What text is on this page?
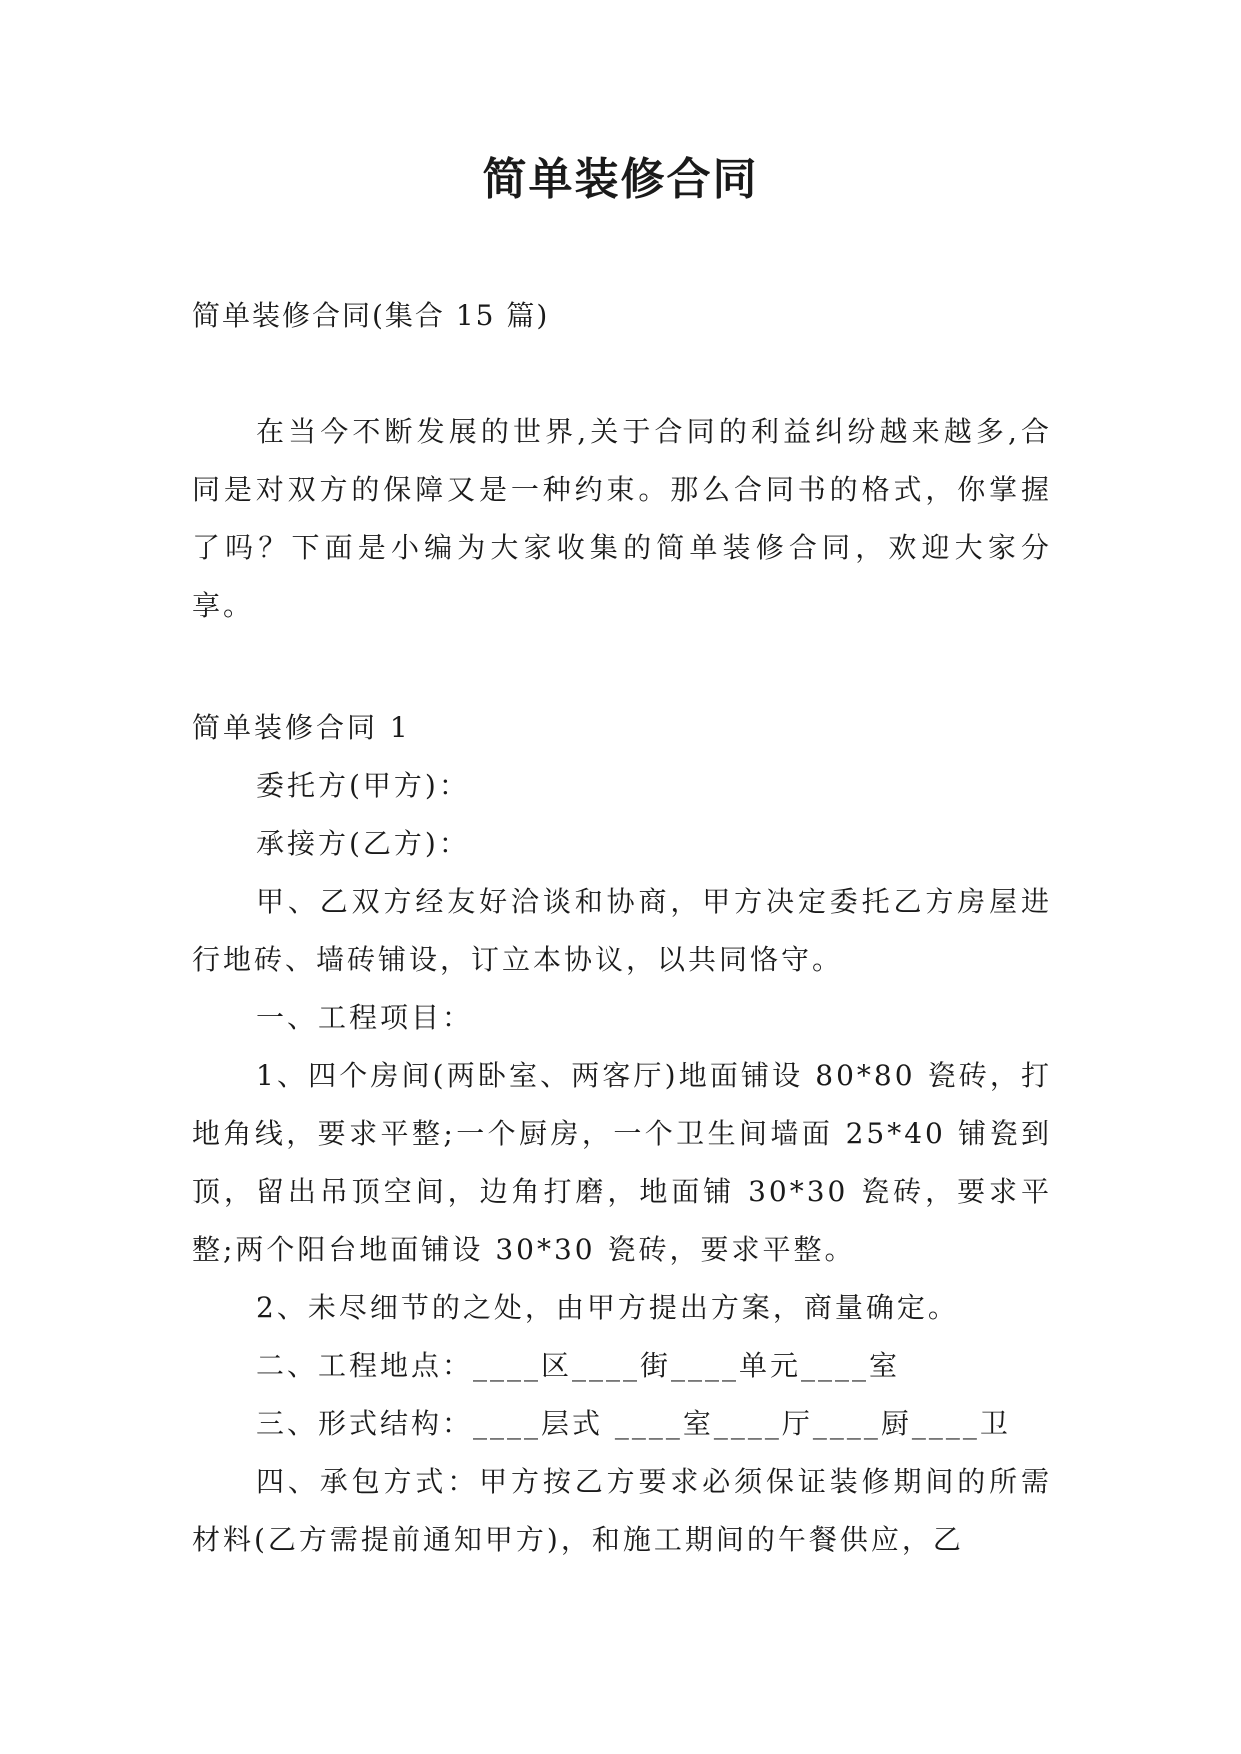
简单装修合同
简单装修合同(集合 15 篇)
在当今不断发展的世界,关于合同的利益纠纷越来越多,合同是对双方的保障又是一种约束。那么合同书的格式，你掌握了吗？下面是小编为大家收集的简单装修合同，欢迎大家分享。

简单装修合同 1

委托方(甲方)：

承接方(乙方)：

甲、乙双方经友好洽谈和协商，甲方决定委托乙方房屋进行地砖、墙砖铺设，订立本协议，以共同恪守。

一、工程项目：

1、四个房间(两卧室、两客厅)地面铺设 80*80 瓷砖，打地角线，要求平整;一个厨房，一个卫生间墙面 25*40 铺瓷到顶，留出吊顶空间，边角打磨，地面铺 30*30 瓷砖，要求平整;两个阳台地面铺设 30*30 瓷砖，要求平整。

2、未尽细节的之处，由甲方提出方案，商量确定。

二、工程地点：____区____街____单元____室

三、形式结构：____层式 ____室____厅____厨____卫

四、承包方式：甲方按乙方要求必须保证装修期间的所需材料(乙方需提前通知甲方)，和施工期间的午餐供应，乙
